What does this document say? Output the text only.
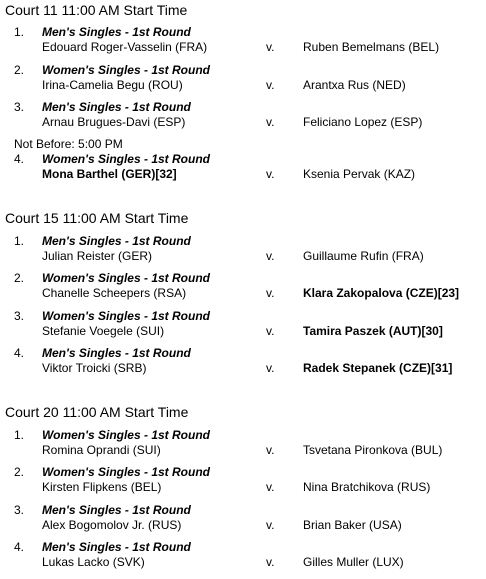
Court 11 11:00 AM Start Time
1. Men's Singles - 1st Round
Edouard Roger-Vasselin (FRA)	v. Ruben Bemelmans (BEL)
2. Women's Singles - 1st Round
Irina-Camelia Begu (ROU)	v. Arantxa Rus (NED)
3. Men's Singles - 1st Round
Arnau Brugues-Davi (ESP)	v. Feliciano Lopez (ESP)
Not Before: 5:00 PM
4. Women's Singles - 1st Round
Mona Barthel (GER)[32]	v. Ksenia Pervak (KAZ)
Court 15 11:00 AM Start Time
1. Men's Singles - 1st Round
Julian Reister (GER)	v. Guillaume Rufin (FRA)
2. Women's Singles - 1st Round
Chanelle Scheepers (RSA)	v. Klara Zakopalova (CZE)[23]
3. Women's Singles - 1st Round
Stefanie Voegele (SUI)	v. Tamira Paszek (AUT)[30]
4. Men's Singles - 1st Round
Viktor Troicki (SRB)	v. Radek Stepanek (CZE)[31]
Court 20 11:00 AM Start Time
1. Women's Singles - 1st Round
Romina Oprandi (SUI)	v. Tsvetana Pironkova (BUL)
2. Women's Singles - 1st Round
Kirsten Flipkens (BEL)	v. Nina Bratchikova (RUS)
3. Men's Singles - 1st Round
Alex Bogomolov Jr. (RUS)	v. Brian Baker (USA)
4. Men's Singles - 1st Round
Lukas Lacko (SVK)	v. Gilles Muller (LUX)
